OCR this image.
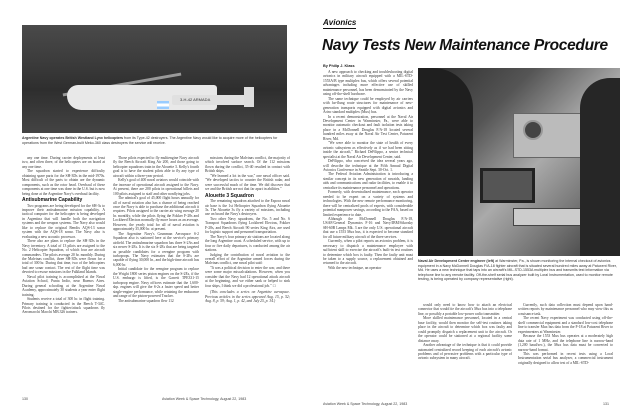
3-H-42 ARMADA
Argentine Navy operates British Westland Lynx helicopters from its Type-42 destroyers. The Argentine Navy would like to acquire more of the helicopters for operations from the West German-built Meko-360 class destroyers the service will receive.

any one time. During carrier deployments at least two, and often three, of the helicopters are on board at any one time.

The squadron started to experience difficulty obtaining spare parts for the SH-3Ds in the mid-1970s. Most difficult of the parts to obtain are the dynamic components, such as the rotor head. Overhaul of these components at one time was done in the U.S. but is now being done at the Argentine Navy's overhaul facility.

Antisubmarine Capability

Two programs are being developed for the SH-3s to improve their antisubmarine mission capability. A tactical computer for the helicopter is being developed in Argentina that will handle both the navigation systems and the weapon systems. The Navy also would like to replace the original Bendix AQS-13 sonar system with the AQS-18 sonar. The Navy also is evaluating a new acoustic processor.

There also are plans to replace the SH-3Ds in the Navy inventory. A total of 13 pilots are assigned to the No. 2 Helicopter Squadron, of which four are aircraft commanders. The pilots average 20 hr. monthly. During the Malvinas conflict, three SH-3Ds were flown for a total of 300 hr. During that time, two of the helicopters had one sonar contact. The rest of the flight time was devoted to rescue missions in the Falkland Islands.

Naval pilot training is accomplished at the Naval Aviation School, Punta Indio, near Buenos Aires. During general schooling at the Argentine Naval Academy, approximately 30 students a year enter flight training.

Students receive a total of 300 hr. in flight training. Primary training is conducted in the Beech T-34C. Pilots destined for the fighter/attack squadrons fly Aeromacchi Macchi MB.326 trainers.

Those pilots expected to fly multiengine Navy aircraft fly the Beech Aircraft King Air 200, and those going to helicopter squadrons train in the Alouette 3. Kelly's fourth goal is to have the student pilots able to fly any type of aircraft within a three-year period.

Kelly's goal of 400 naval aviators would coincide with the increase of operational aircraft assigned to the Navy. At present, there are 200 pilots in operational billets and 100 pilots assigned to staff and other nonflying jobs.

The admiral's goal of 45,000 flight hours annually for all of naval aviation also has a chance of being reached once the Navy is able to purchase the additional aircraft it requires. Pilots assigned to the carrier air wing average 20 hr. monthly, while the pilots flying the Fokker F-28s and Lockheed Electras normally fly more hours as an average. However, the yearly total for all of naval aviation is approximately 35,000 hr. at present.

The Argentine Navy's Grumman Aerospace S-2 Squadron also is stationed here at the service's primary airfield. The antisubmarine squadron has three S-2As and six newer S-2Es. It is the six S-2Es that are being targeted as possible candidates for a reengine program with turboprops. The Navy estimates that the S-2Es are capable of flying 30,000 hr., and the high-time aircraft has 6,000 hr.

Initial candidate for the reengine program to replace the Wright 1800 series piston engines on the S-2Es, if the U.S. embargo is lifted, is the Garrett TPE331-15 turboprop engine. Navy officers estimate that the 1,600-shp. engines will give the S-2s a faster speed and better single-engine performance, while retaining the endurance and range of the piston-powered Tracker.

The antisubmarine squadron flew 112

missions during the Malvinas conflict, the majority of which involved surface search. Of the 112 missions flown during the conflict, 35-40 resulted in contact with British ships.

"We learned a lot in the war," one naval officer said. "We developed tactics to counter the British radar, and were successful much of the time. We did discover that we and the British are not that far apart in abilities."

Alouette 3 Squadron

The remaining squadron attached to the Espora naval air base is the 1st Helicopter Squadron flying Alouette 3s. The Alouette 3s fly a variety of missions, including use on board the Navy's destroyers.

Two other Navy squadrons, the No. 5 and No. 6 Transport Squadrons flying Lockheed Electras, Fokker F-28s, and Beech Aircraft 90 series King Airs, are used for logistic support and personnel transportation.

The Navy's four primary air stations are located along the long Argentine coast. A scheduled service, with up to four or five daily departures, is conducted among the air stations.

Judging the contribution of naval aviation to the overall effort of the Argentine armed forces during the Malvinas conflict, one naval pilot said:

"It was a political decision to enter the war, and there were some major miscalculations. However, when you consider that the Navy had 12 operational attack aircraft at the beginning, and we either sank or helped to sink four ships, I think we did a professional job." ☐

(This concludes a series on Argentine aerospace. Previous articles in the series appeared Aug. 15, p. 52; Aug. 8, p. 59; Aug. 1, p. 42, and July 25, p. 34.)

130	Aviation Week & Space Technology, August 22, 1983
Avionics
Navy Tests New Maintenance Procedure
By Philip J. Klass

A new approach to checking and troubleshooting digital avionics in military aircraft equipped with a MIL-STD-1553A/B type multiplex bus, which offers several potential advantages including more effective use of skilled maintenance personnel, has been demonstrated by the Navy using off-the-shelf hardware.

The same technique could be employed by air carriers with far-flung route structures for maintenance of new-generation transports equipped with digital avionics and Arinc standard multiplex (Mux) bus.

In a recent demonstration, personnel at the Naval Air Development Center in Warminster, Pa., were able to monitor automatic checkout and fault isolation tests taking place in a McDonnell Douglas F/A-18 located several hundred miles away at the Naval Air Test Center, Patuxent River, Md.

"We were able to monitor the state of health of every avionic subsystem as effectively as if we had been sitting inside the aircraft," Richard DeFilippo, a senior technical specialist at the Naval Air Development Center, said.

DeFilippo, who conceived the idea several years ago, will describe the technique at the Fifth Annual Digital Avionics Conference in Seattle Sept. 30-Oct. 1.

The Federal Aviation Administration is introducing a similar concept in its new generation of navaids, landing aids and communications and radar facilities, to enable it to centralize its maintenance personnel and operations.

Formerly, with decentralized maintenance, each operator needed to be expert on a variety of systems and technologies. With the new remote performance monitoring, there will be centralized pools of experts, with considerable potential manpower savings, according to the FAA, based on limited experience to date.

Although the McDonnell Douglas F/A-18, USAF/General Dynamics F-16 and Navy/IBM/Sikorsky SH-60B Lamps Mk. 3 are the only U.S. operational aircraft that use a 1553 Mux bus, it is expected to become standard for all future military aircraft of the three services.

Currently, when a pilot reports an avionics problem, it is necessary to dispatch a maintenance employee with sufficient skill to exercise the aircraft's built-in test routines to determine which box is faulty. Then the faulty unit must be taken to a supply source, a replacement obtained and returned to the aircraft.

With the new technique, an operator

Naval Air Development Center engineer (left) at Warminster, Pa., is shown monitoring the internal checkout of avionics equipment in a Navy McDonnell Douglas F/A-18 fighter aircraft that is situated several hundred miles away at Patuxent River, Md. He uses a new technique that taps into an aircraft's MIL-STD-1553A multiplex bus and transmits test information via telephone line to any remote facility. Off-the-shelf serial bus analyzer built by Loral Instrumentation, used to monitor remote testing, is being operated by company representative (right).

would only need to know how to attach an electrical connector that would tie the aircraft's Mux bus into a telephone line, or possibly a portable low-power radio transmitter.

More skilled maintenance personnel, located in a central base facility, would then monitor the self-test routines taking place in the aircraft to determine which box was faulty and could promptly dispatch a replacement unit to the aircraft. Or the operator could be stationed at a regional facility some distance away.

Another advantage of the technique is that it could provide automated centralized record keeping of each aircraft's avionic problems and of pervasive problems with a particular type of avionic subsystem in many aircraft.

Currently, such data collection must depend upon hand-written reports by maintenance personnel who may view this as a nuisance task.

The recent Navy experiment was conducted using off-the-shelf commercial equipment and a standard low-cost telephone line to transfer Mux bus data from the F-18 at Patuxent River to experimenters at Warminster.

Because the 1553 Mux bus operates at a moderately high data rate of 1 MHz, and the telephone line is narrow-band (1,200 baud/sec.), the Mux bus data must be converted to narrow-band format.

This was performed in recent tests using a Loral Instrumentation serial bus analyzer, a commercial instrument originally designed to allow test of a MIL-STD-

Aviation Week & Space Technology, August 22, 1983	131
